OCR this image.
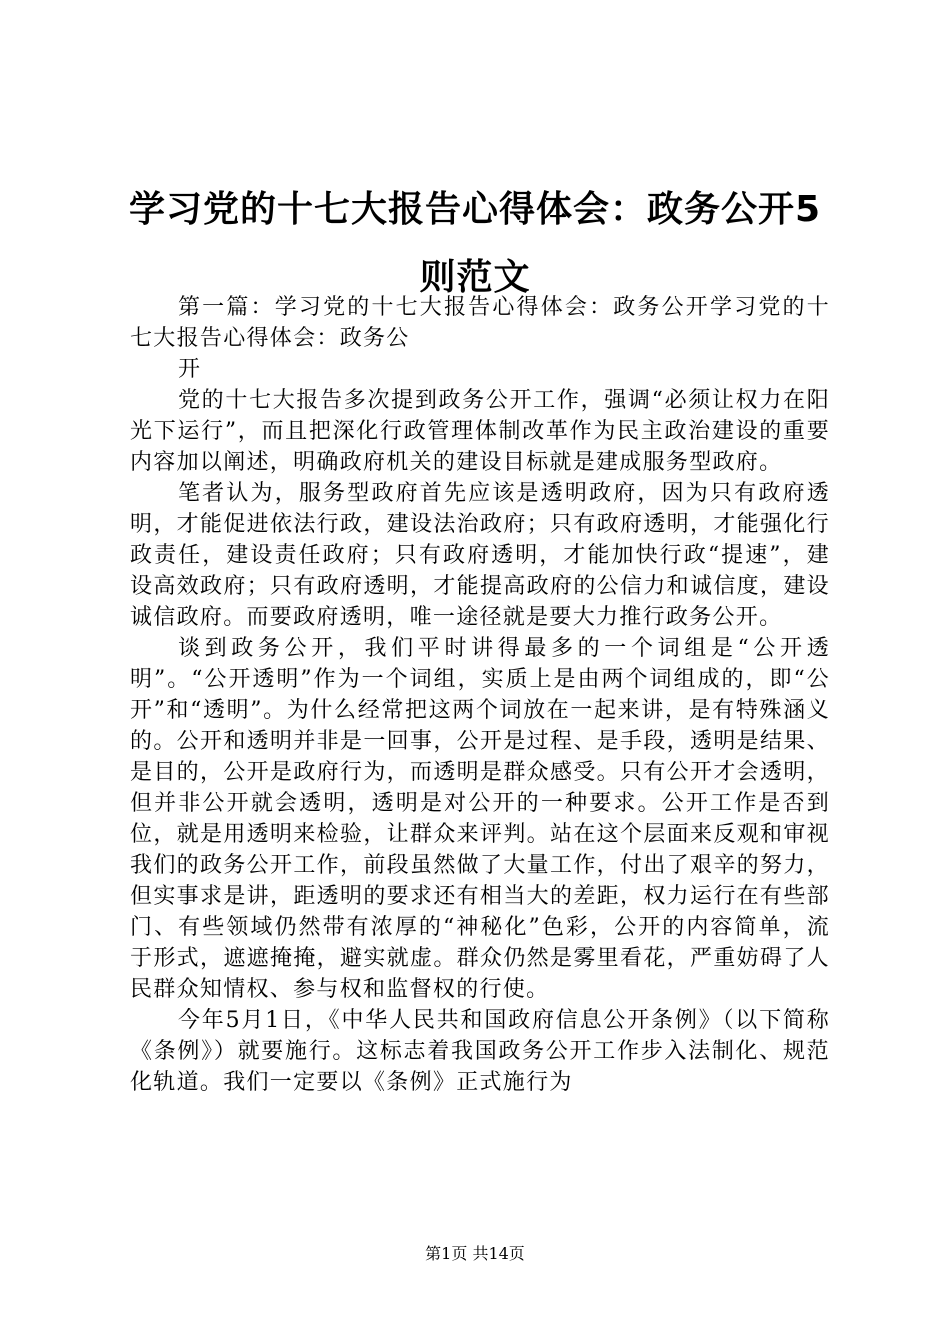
学习党的十七大报告心得体会：政务公开5则范文

第一篇：学习党的十七大报告心得体会：政务公开学习党的十七大报告心得体会：政务公

开

党的十七大报告多次提到政务公开工作，强调“必须让权力在阳光下运行”，而且把深化行政管理体制改革作为民主政治建设的重要内容加以阐述，明确政府机关的建设目标就是建成服务型政府。

笔者认为，服务型政府首先应该是透明政府，因为只有政府透明，才能促进依法行政，建设法治政府；只有政府透明，才能强化行政责任，建设责任政府；只有政府透明，才能加快行政“提速”，建设高效政府；只有政府透明，才能提高政府的公信力和诚信度，建设诚信政府。而要政府透明，唯一途径就是要大力推行政务公开。

谈到政务公开，我们平时讲得最多的一个词组是“公开透明”。“公开透明”作为一个词组，实质上是由两个词组成的，即“公开”和“透明”。为什么经常把这两个词放在一起来讲，是有特殊涵义的。公开和透明并非是一回事，公开是过程、是手段，透明是结果、是目的，公开是政府行为，而透明是群众感受。只有公开才会透明，但并非公开就会透明，透明是对公开的一种要求。公开工作是否到位，就是用透明来检验，让群众来评判。站在这个层面来反观和审视我们的政务公开工作，前段虽然做了大量工作，付出了艰辛的努力，但实事求是讲，距透明的要求还有相当大的差距，权力运行在有些部门、有些领域仍然带有浓厚的“神秘化”色彩，公开的内容简单，流于形式，遮遮掩掩，避实就虚。群众仍然是雾里看花，严重妨碍了人民群众知情权、参与权和监督权的行使。

今年5月1日，《中华人民共和国政府信息公开条例》（以下简称《条例》）就要施行。这标志着我国政务公开工作步入法制化、规范化轨道。我们一定要以《条例》正式施行为

第1页 共14页
